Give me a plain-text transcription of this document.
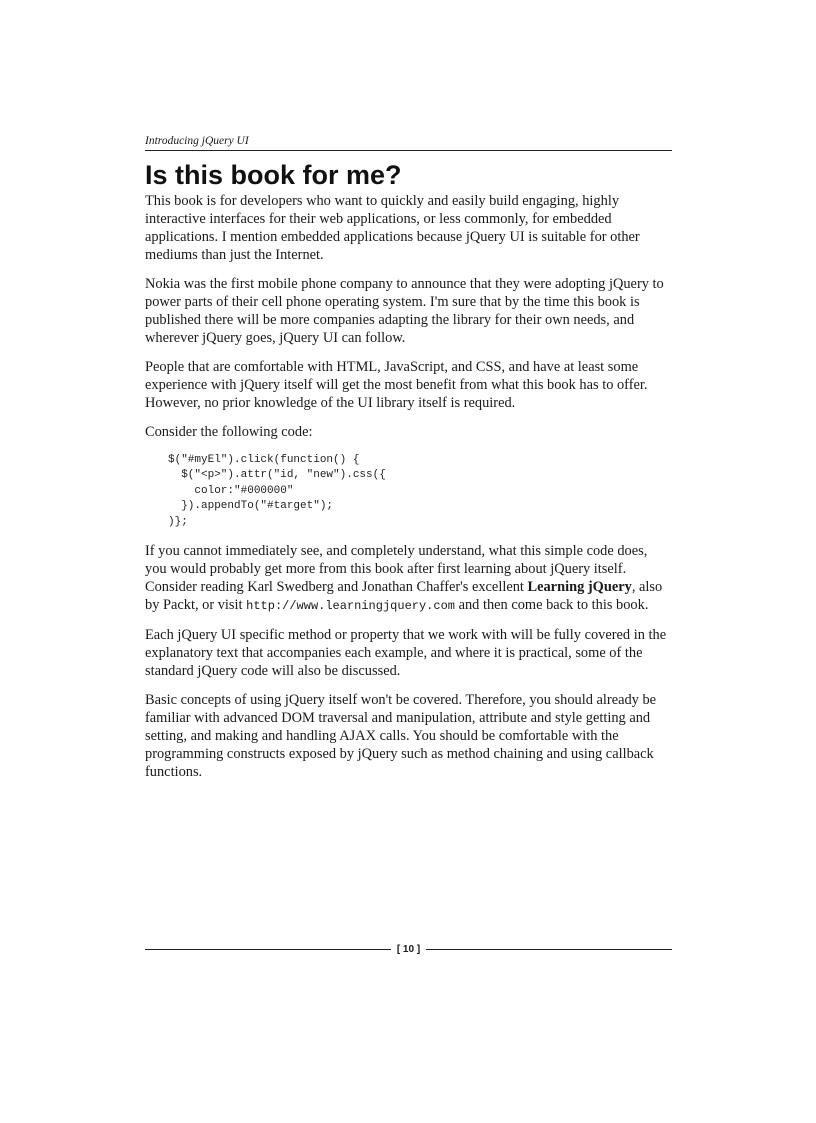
Introducing jQuery UI
Is this book for me?

This book is for developers who want to quickly and easily build engaging, highly interactive interfaces for their web applications, or less commonly, for embedded applications. I mention embedded applications because jQuery UI is suitable for other mediums than just the Internet.

Nokia was the first mobile phone company to announce that they were adopting jQuery to power parts of their cell phone operating system. I'm sure that by the time this book is published there will be more companies adapting the library for their own needs, and wherever jQuery goes, jQuery UI can follow.

People that are comfortable with HTML, JavaScript, and CSS, and have at least some experience with jQuery itself will get the most benefit from what this book has to offer. However, no prior knowledge of the UI library itself is required.

Consider the following code:

$("#myEl").click(function() {
$("<p>").attr("id, "new").css({
color:"#000000"
}).appendTo("#target");
)};

If you cannot immediately see, and completely understand, what this simple code does, you would probably get more from this book after first learning about jQuery itself. Consider reading Karl Swedberg and Jonathan Chaffer's excellent Learning jQuery, also by Packt, or visit http://www.learningjquery.com and then come back to this book.

Each jQuery UI specific method or property that we work with will be fully covered in the explanatory text that accompanies each example, and where it is practical, some of the standard jQuery code will also be discussed.

Basic concepts of using jQuery itself won't be covered. Therefore, you should already be familiar with advanced DOM traversal and manipulation, attribute and style getting and setting, and making and handling AJAX calls. You should be comfortable with the programming constructs exposed by jQuery such as method chaining and using callback functions.

[ 10 ]
